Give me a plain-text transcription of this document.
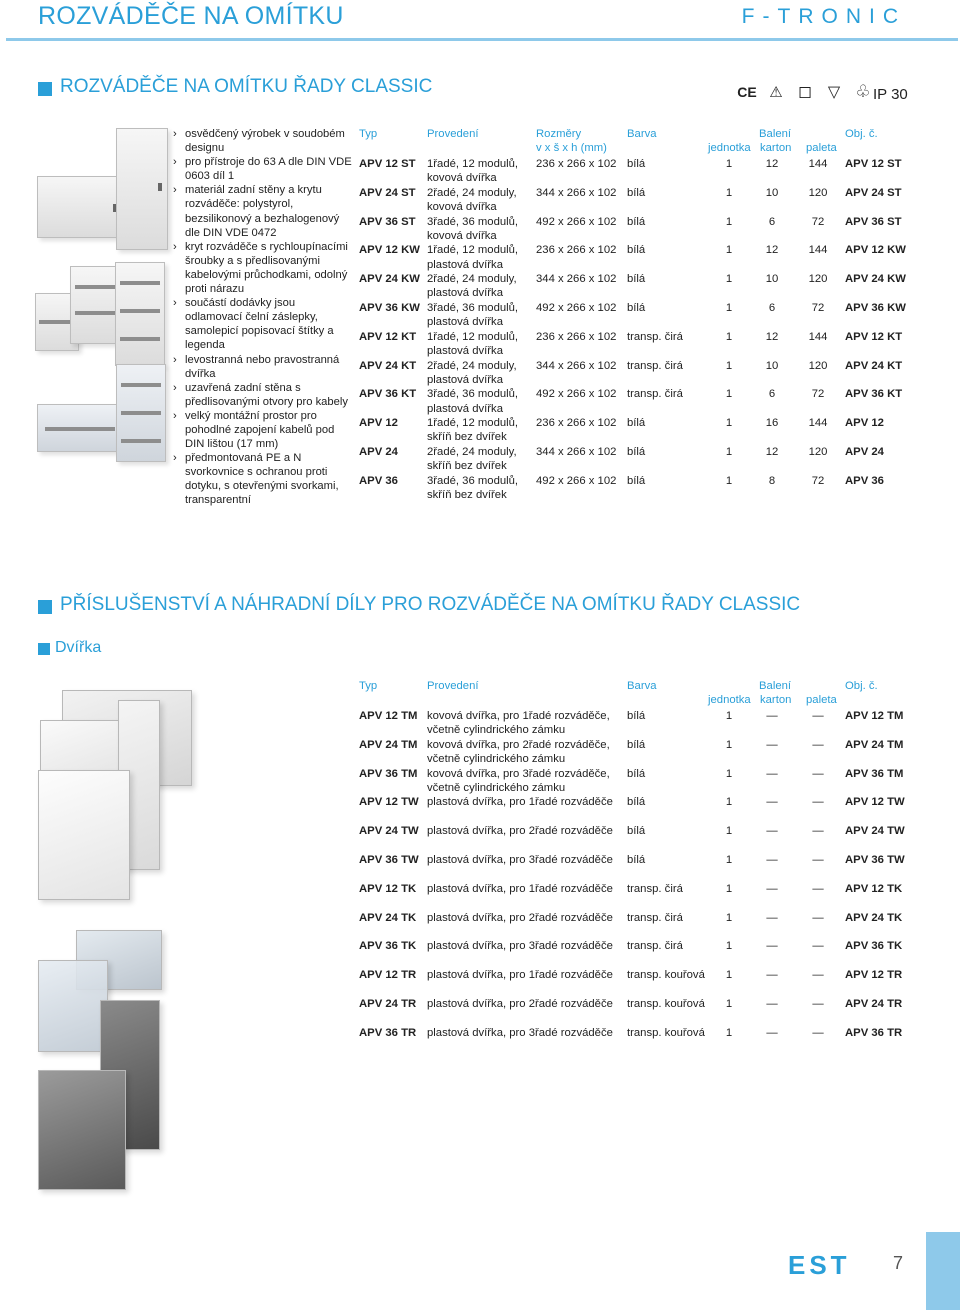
ROZVÁDĚČE NA OMÍTKU	F-TRONIC
ROZVÁDĚČE NA OMÍTKU ŘADY CLASSIC	CE ⚠ ◻ ▽ ♧ IP 30
› osvědčený výrobek v soudobém designu
› pro přístroje do 63 A dle DIN VDE 0603 díl 1
› materiál zadní stěny a krytu rozváděče: polystyrol, bezsilikonový a bezhalogenový dle DIN VDE 0472
› kryt rozváděče s rychloupínacími šroubky a s předlisovanými kabelovými průchodkami, odolný proti nárazu
› součástí dodávky jsou odlamovací čelní záslepky, samolepicí popisovací štítky a legenda
› levostranná nebo pravostranná dvířka
› uzavřená zadní stěna s předlisovanými otvory pro kabely
› velký montážní prostor pro pohodlné zapojení kabelů pod DIN lištou (17 mm)
› předmontovaná PE a N svorkovnice s ochranou proti dotyku, s otevřenými svorkami, transparentní
Typ	Provedení	Rozměry
v x š x h (mm)
Barva	Balení	Obj. č.
jednotka karton paleta
APV 12 ST 1řadé, 12 modulů,
kovová dvířka
236 x 266 x 102 bílá	1	12	144 APV 12 ST
APV 24 ST 2řadé, 24 moduly,
kovová dvířka
344 x 266 x 102 bílá	1	10	120 APV 24 ST
APV 36 ST 3řadé, 36 modulů,
kovová dvířka
492 x 266 x 102 bílá	1	6	72 APV 36 ST
APV 12 KW 1řadé, 12 modulů,
plastová dvířka
236 x 266 x 102 bílá	1	12	144 APV 12 KW
APV 24 KW 2řadé, 24 moduly,
plastová dvířka
344 x 266 x 102 bílá	1	10	120 APV 24 KW
APV 36 KW 3řadé, 36 modulů,
plastová dvířka
492 x 266 x 102 bílá	1	6	72 APV 36 KW
APV 12 KT 1řadé, 12 modulů,
plastová dvířka
236 x 266 x 102 transp. čirá	1	12	144 APV 12 KT
APV 24 KT 2řadé, 24 moduly,
plastová dvířka
344 x 266 x 102 transp. čirá	1	10	120 APV 24 KT
APV 36 KT 3řadé, 36 modulů,
plastová dvířka
492 x 266 x 102 transp. čirá	1	6	72 APV 36 KT
APV 12	1řadé, 12 modulů,
skříň bez dvířek
236 x 266 x 102 bílá	1	16	144 APV 12
APV 24	2řadé, 24 moduly,
skříň bez dvířek
344 x 266 x 102 bílá	1	12	120 APV 24
APV 36	3řadé, 36 modulů,
skříň bez dvířek
492 x 266 x 102 bílá	1	8	72 APV 36
PŘÍSLUŠENSTVÍ A NÁHRADNÍ DÍLY PRO ROZVÁDĚČE NA OMÍTKU ŘADY CLASSIC
Dvířka
Typ	Provedení	Barva	Balení	Obj. č.
jednotka karton paleta
APV 12 TM kovová dvířka, pro 1řadé rozváděče,
včetně cylindrického zámku
bílá	1	—	— APV 12 TM
APV 24 TM kovová dvířka, pro 2řadé rozváděče,
včetně cylindrického zámku
bílá	1	—	— APV 24 TM
APV 36 TM kovová dvířka, pro 3řadé rozváděče,
včetně cylindrického zámku
bílá	1	—	— APV 36 TM
APV 12 TW plastová dvířka, pro 1řadé rozváděče bílá	1	—	— APV 12 TW
APV 24 TW plastová dvířka, pro 2řadé rozváděče bílá	1	—	— APV 24 TW
APV 36 TW plastová dvířka, pro 3řadé rozváděče bílá	1	—	— APV 36 TW
APV 12 TK plastová dvířka, pro 1řadé rozváděče transp. čirá	1	—	— APV 12 TK
APV 24 TK plastová dvířka, pro 2řadé rozváděče transp. čirá	1	—	— APV 24 TK
APV 36 TK plastová dvířka, pro 3řadé rozváděče transp. čirá	1	—	— APV 36 TK
APV 12 TR plastová dvířka, pro 1řadé rozváděče transp. kouřová 1	—	— APV 12 TR
APV 24 TR plastová dvířka, pro 2řadé rozváděče transp. kouřová 1	—	— APV 24 TR
APV 36 TR plastová dvířka, pro 3řadé rozváděče transp. kouřová 1	—	— APV 36 TR
EST 7
